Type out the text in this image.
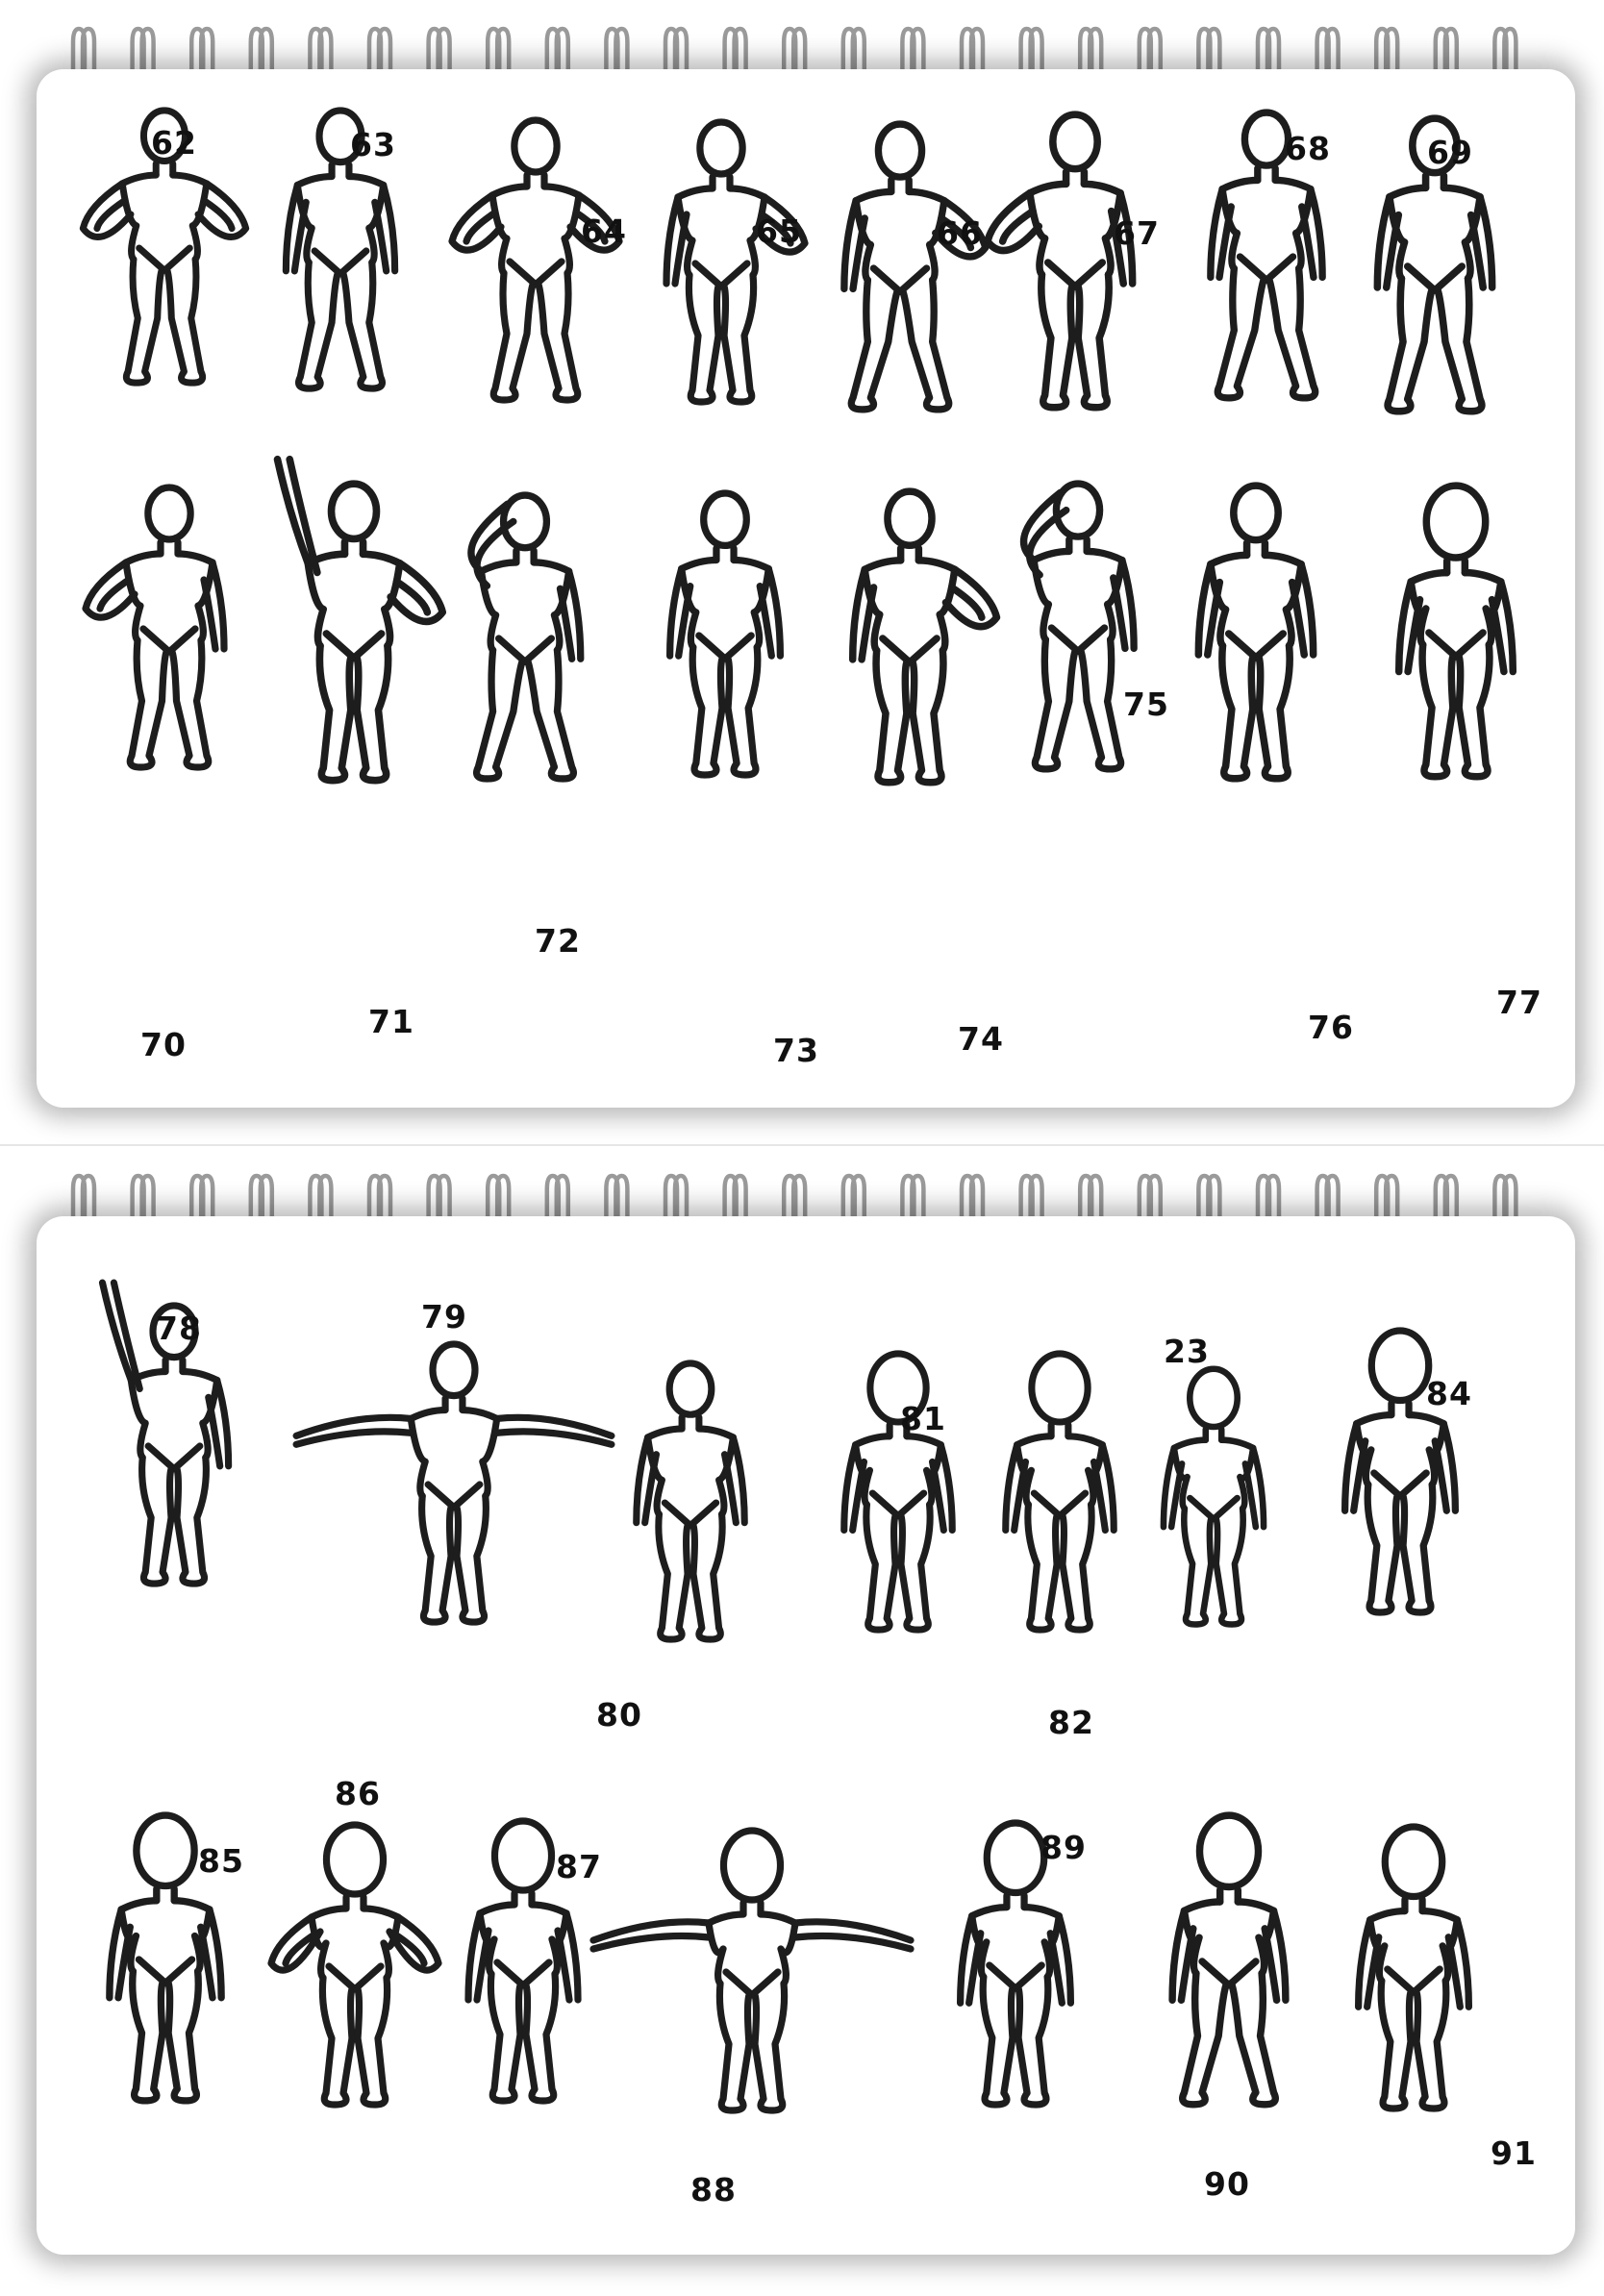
62	63
64	65	66	67
68	69
70
71
72
73	74
75
76
77
78	79
80
81
82
23
84
85
86
87
88
89
90
91
